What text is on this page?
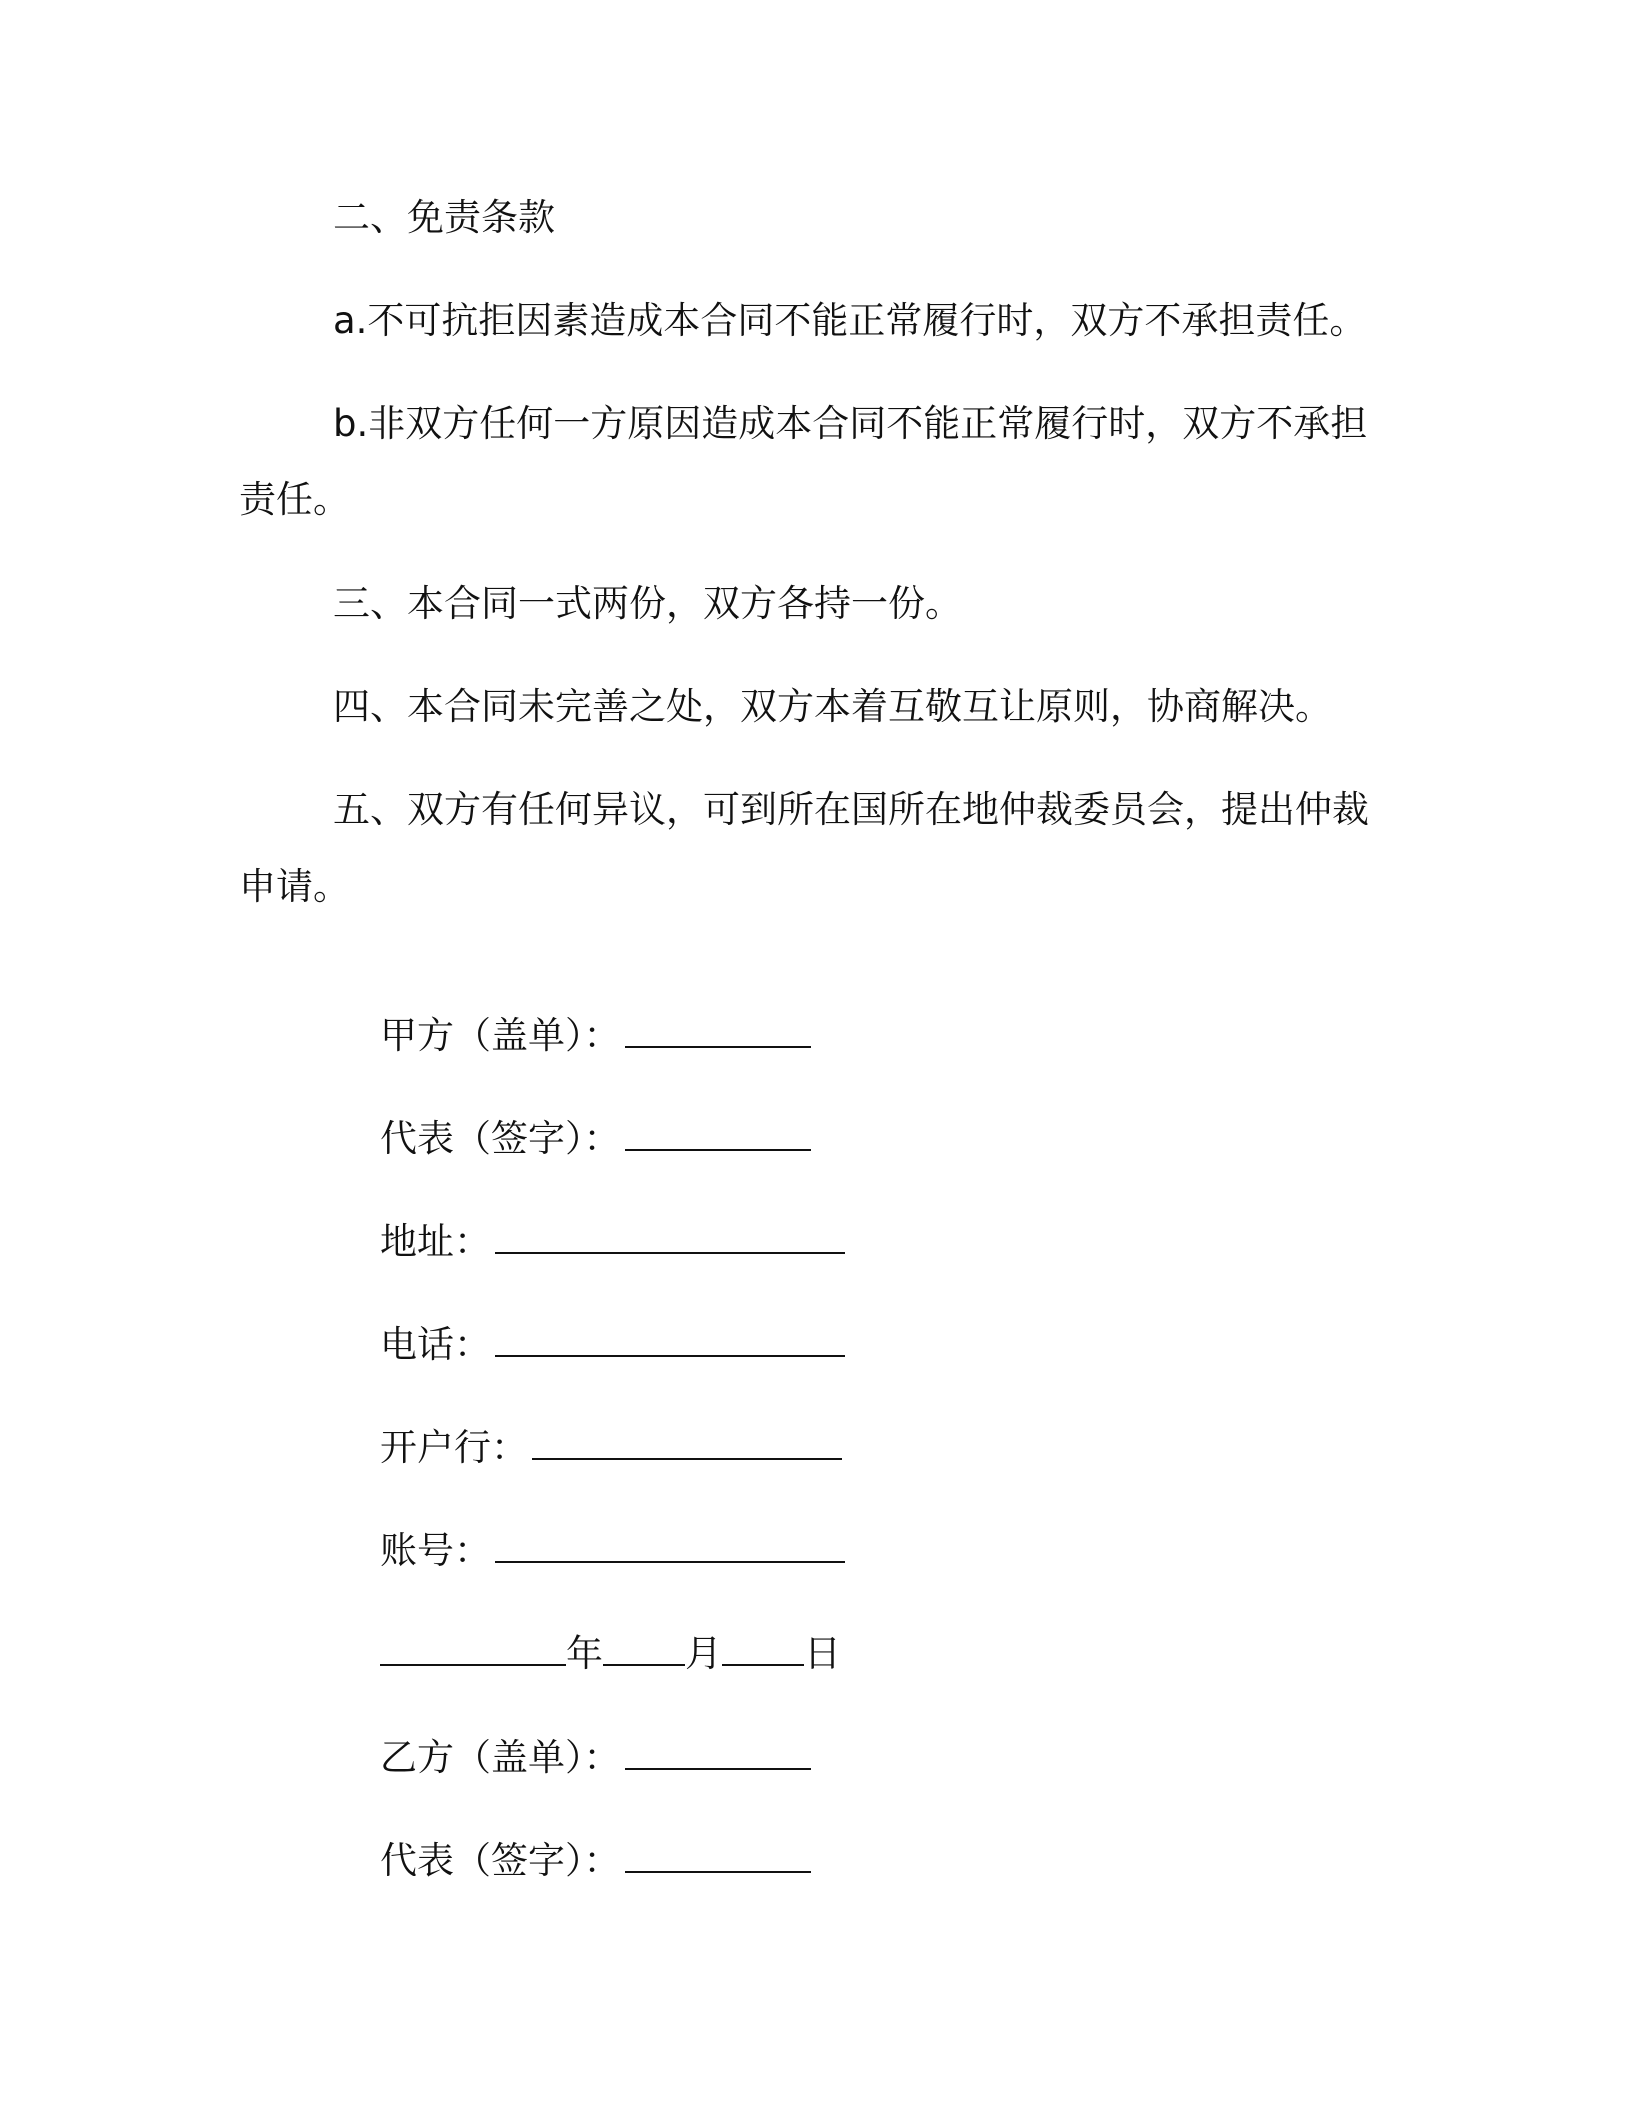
二、免责条款
a.不可抗拒因素造成本合同不能正常履行时，双方不承担责任。
b.非双方任何一方原因造成本合同不能正常履行时，双方不承担
责任。
三、本合同一式两份，双方各持一份。
四、本合同未完善之处，双方本着互敬互让原则，协商解决。
五、双方有任何异议，可到所在国所在地仲裁委员会，提出仲裁
申请。

甲方（盖单）：

代表（签字）：

地址：

电话：

开户行：

账号：

年 月 日

乙方（盖单）：

代表（签字）：
